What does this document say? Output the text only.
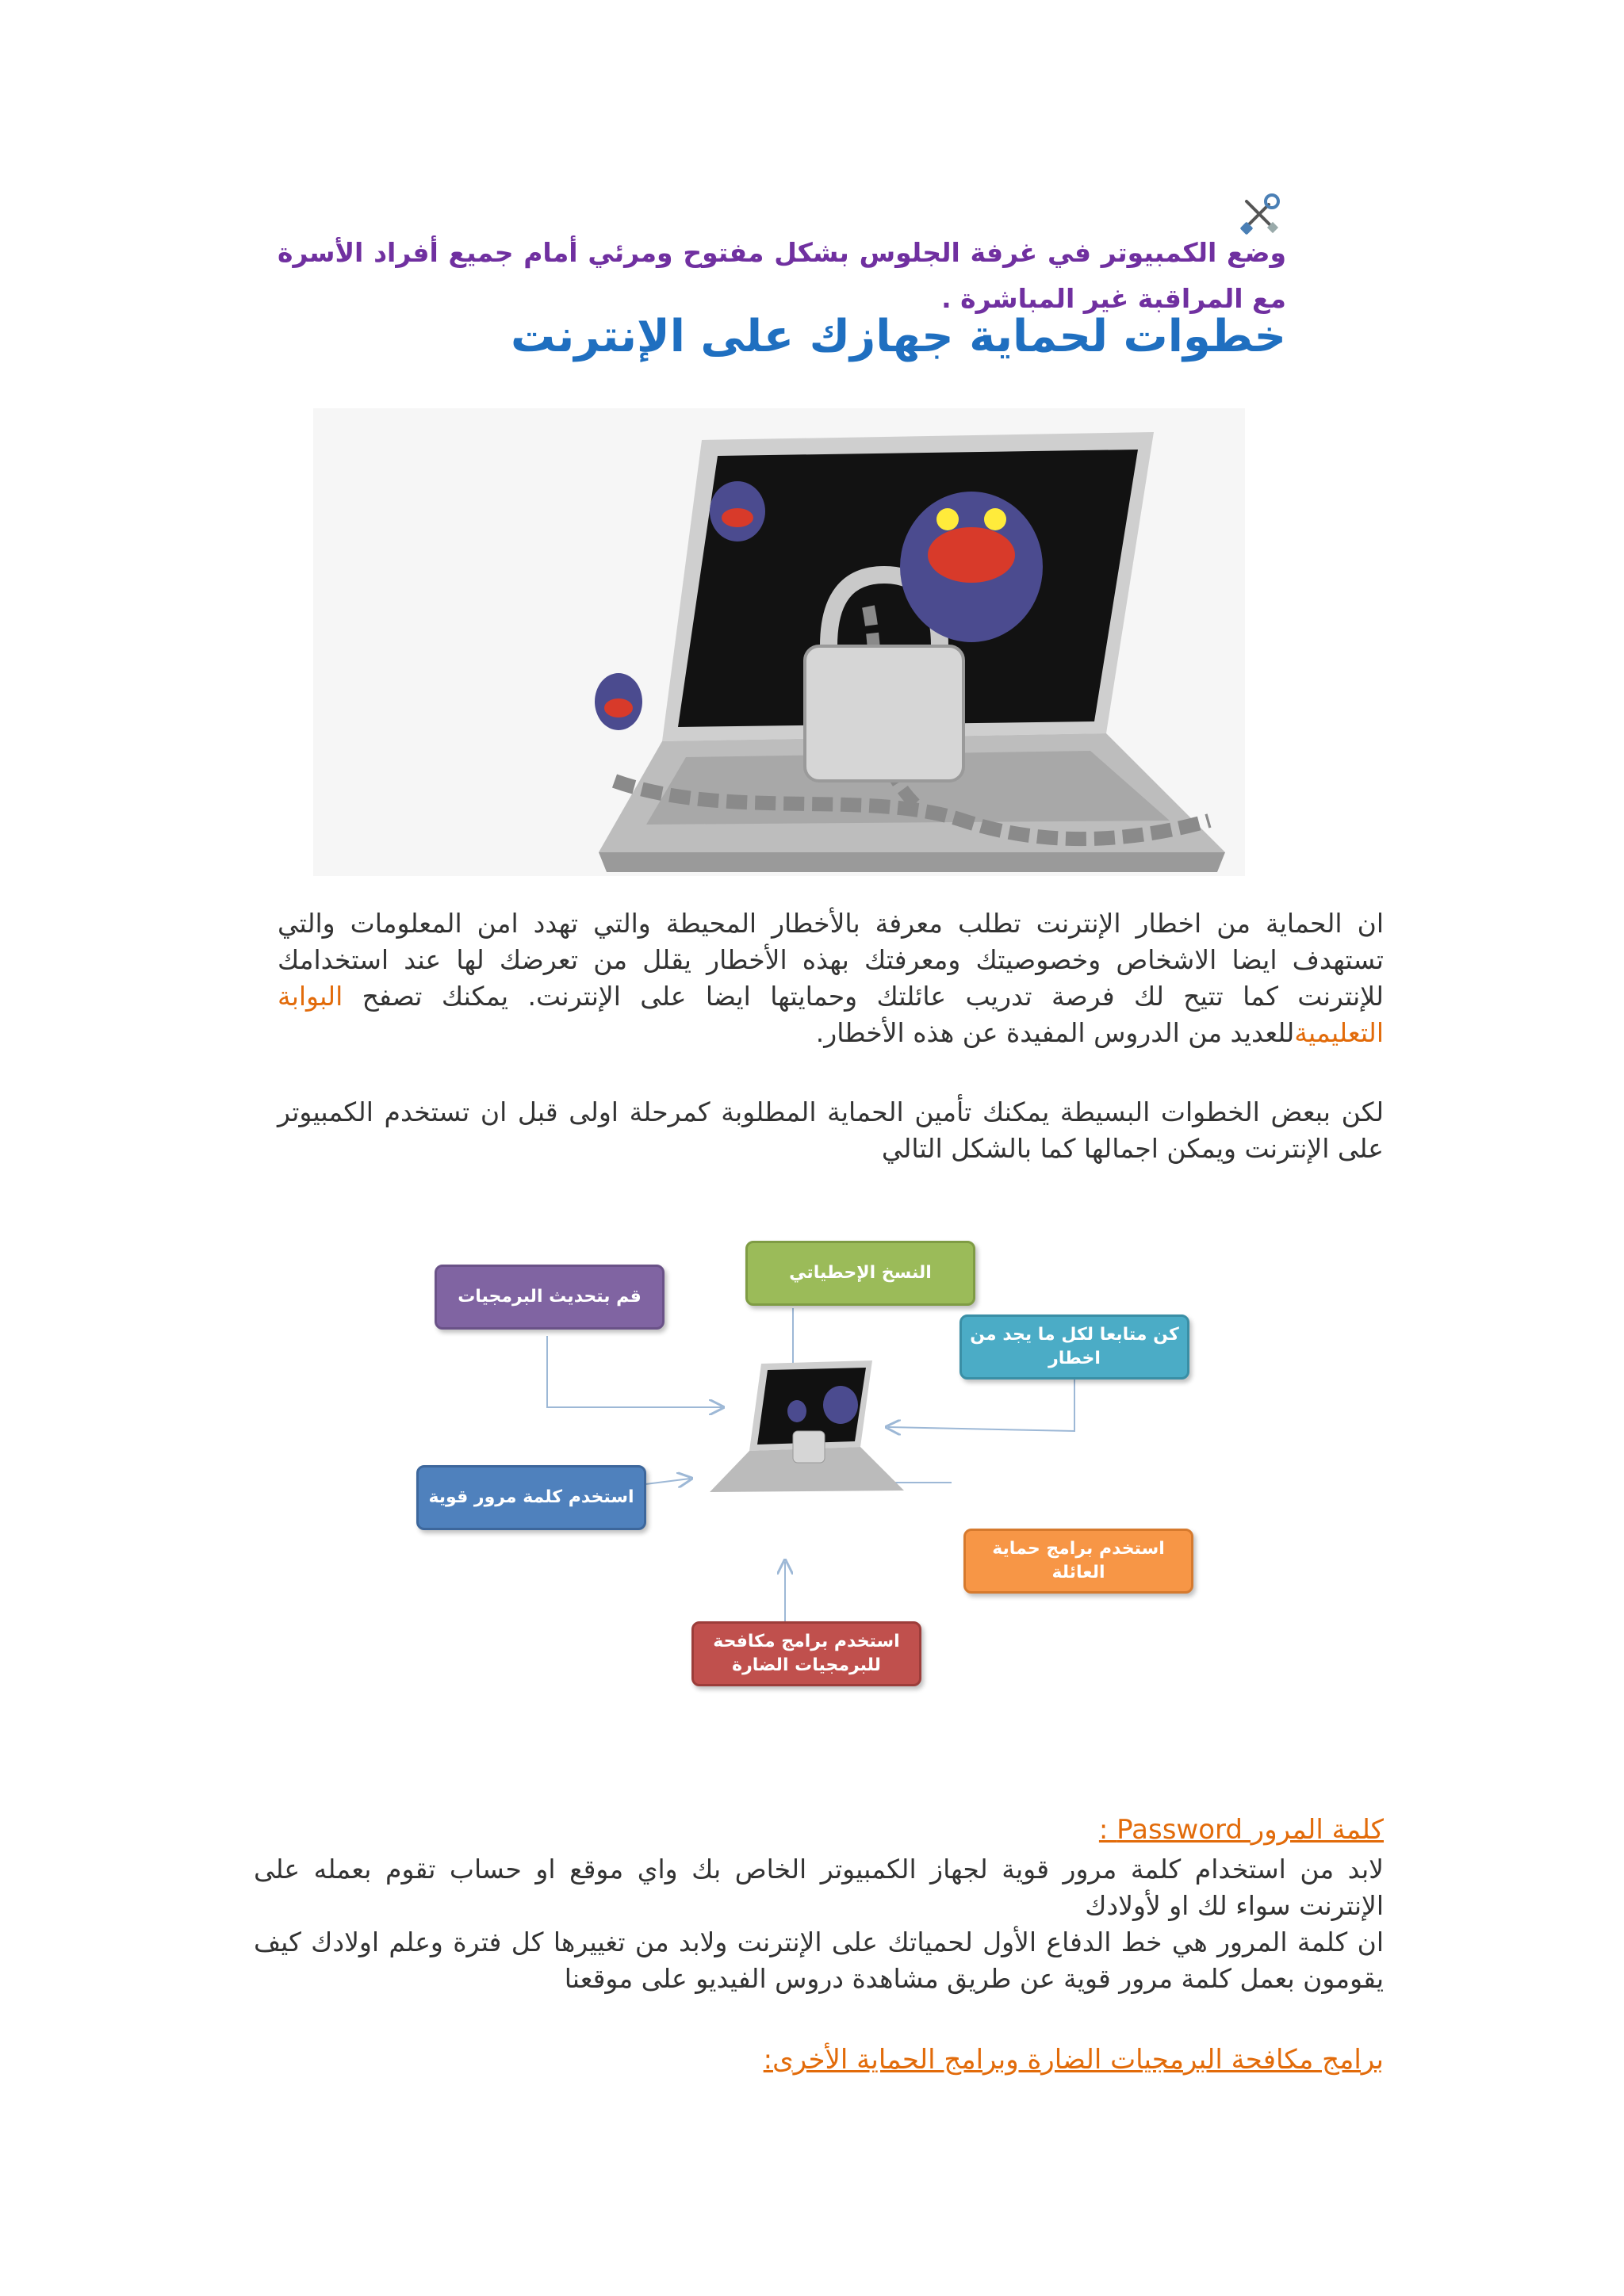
وضع الكمبيوتر في غرفة الجلوس بشكل مفتوح ومرئي أمام جميع أفراد الأسرة مع المراقبة غير المباشرة .
خطوات لحماية جهازك على الإنترنت
ان الحماية من اخطار الإنترنت تطلب معرفة بالأخطار المحيطة والتي تهدد امن المعلومات والتي تستهدف ايضا الاشخاص وخصوصيتك ومعرفتك بهذه الأخطار يقلل من تعرضك لها عند استخدامك للإنترنت كما تتيح لك فرصة تدريب عائلتك وحمايتها ايضا على الإنترنت. يمكنك تصفح البوابة التعليميةللعديد من الدروس المفيدة عن هذه الأخطار.
لكن ببعض الخطوات البسيطة يمكنك تأمين الحماية المطلوبة كمرحلة اولى قبل ان تستخدم الكمبيوتر على الإنترنت ويمكن اجمالها كما بالشكل التالي
قم بتحديث البرمجيات
النسخ الإحطياتي
كن متابعا لكل ما يجد من اخطار
استخدم كلمة مرور قوية
استخدم برامج حماية العائلة
استخدم برامج مكافحة للبرمجيات الضارة
كلمة المرور Password :
لابد من استخدام كلمة مرور قوية لجهاز الكمبيوتر الخاص بك واي موقع او حساب تقوم بعمله على الإنترنت سواء لك او لأولادك
ان كلمة المرور هي خط الدفاع الأول لحمياتك على الإنترنت ولابد من تغييرها كل فترة وعلم اولادك كيف يقومون بعمل كلمة مرور قوية عن طريق مشاهدة دروس الفيديو على موقعنا
برامج مكافحة البرمجيات الضارة وبرامج الحماية الأخرى:
